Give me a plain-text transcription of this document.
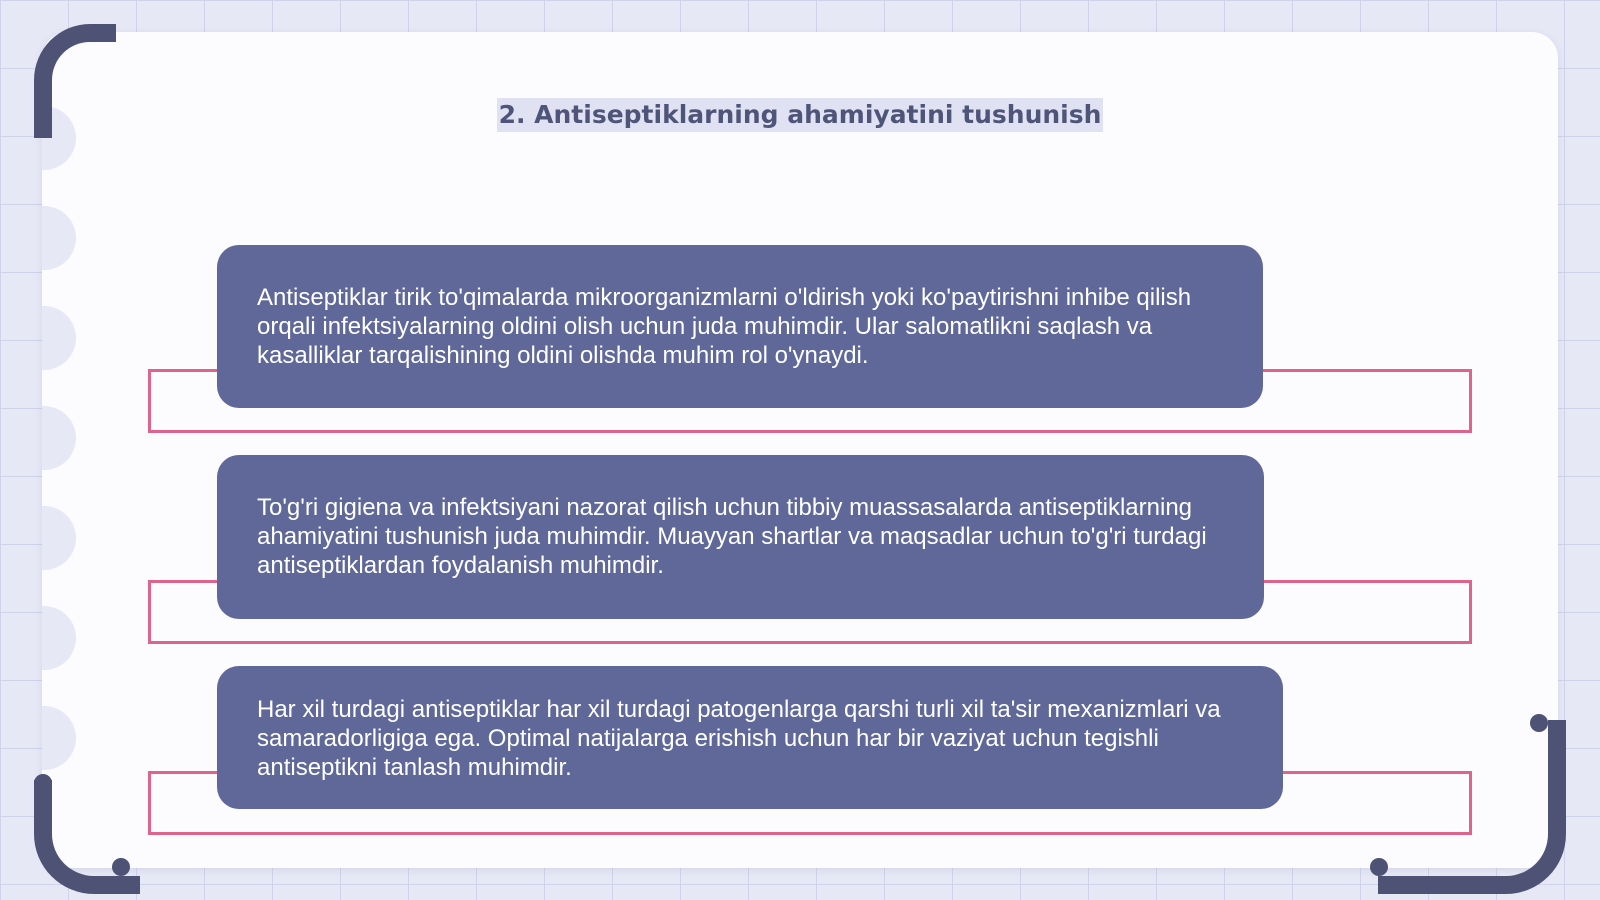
2. Antiseptiklarning ahamiyatini tushunish

Antiseptiklar tirik to'qimalarda mikroorganizmlarni o'ldirish yoki ko'paytirishni inhibe qilish orqali infektsiyalarning oldini olish uchun juda muhimdir. Ular salomatlikni saqlash va kasalliklar tarqalishining oldini olishda muhim rol o'ynaydi.

To'g'ri gigiena va infektsiyani nazorat qilish uchun tibbiy muassasalarda antiseptiklarning ahamiyatini tushunish juda muhimdir. Muayyan shartlar va maqsadlar uchun to'g'ri turdagi antiseptiklardan foydalanish muhimdir.

Har xil turdagi antiseptiklar har xil turdagi patogenlarga qarshi turli xil ta'sir mexanizmlari va samaradorligiga ega. Optimal natijalarga erishish uchun har bir vaziyat uchun tegishli antiseptikni tanlash muhimdir.
